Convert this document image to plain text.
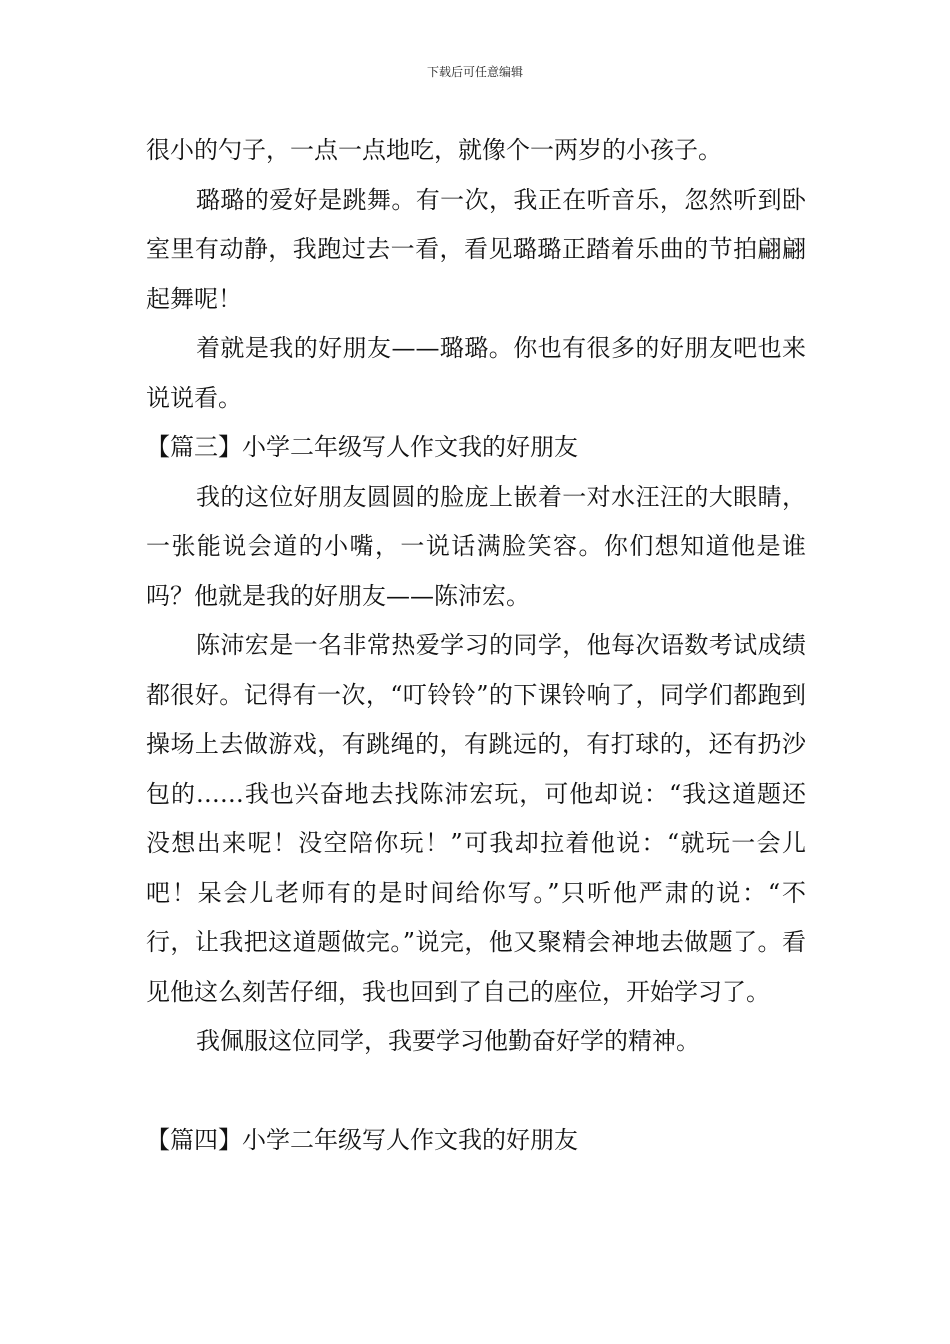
下载后可任意编辑

很小的勺子，一点一点地吃，就像个一两岁的小孩子。

璐璐的爱好是跳舞。有一次，我正在听音乐，忽然听到卧室里有动静，我跑过去一看，看见璐璐正踏着乐曲的节拍翩翩起舞呢！

着就是我的好朋友——璐璐。你也有很多的好朋友吧也来说说看。

【篇三】小学二年级写人作文我的好朋友

我的这位好朋友圆圆的脸庞上嵌着一对水汪汪的大眼睛，一张能说会道的小嘴，一说话满脸笑容。你们想知道他是谁吗？他就是我的好朋友——陈沛宏。

陈沛宏是一名非常热爱学习的同学，他每次语数考试成绩都很好。记得有一次，“叮铃铃”的下课铃响了，同学们都跑到操场上去做游戏，有跳绳的，有跳远的，有打球的，还有扔沙包的……我也兴奋地去找陈沛宏玩，可他却说：“我这道题还没想出来呢！没空陪你玩！”可我却拉着他说：“就玩一会儿吧！呆会儿老师有的是时间给你写。”只听他严肃的说：“不行，让我把这道题做完。”说完，他又聚精会神地去做题了。看见他这么刻苦仔细，我也回到了自己的座位，开始学习了。

我佩服这位同学，我要学习他勤奋好学的精神。

【篇四】小学二年级写人作文我的好朋友
